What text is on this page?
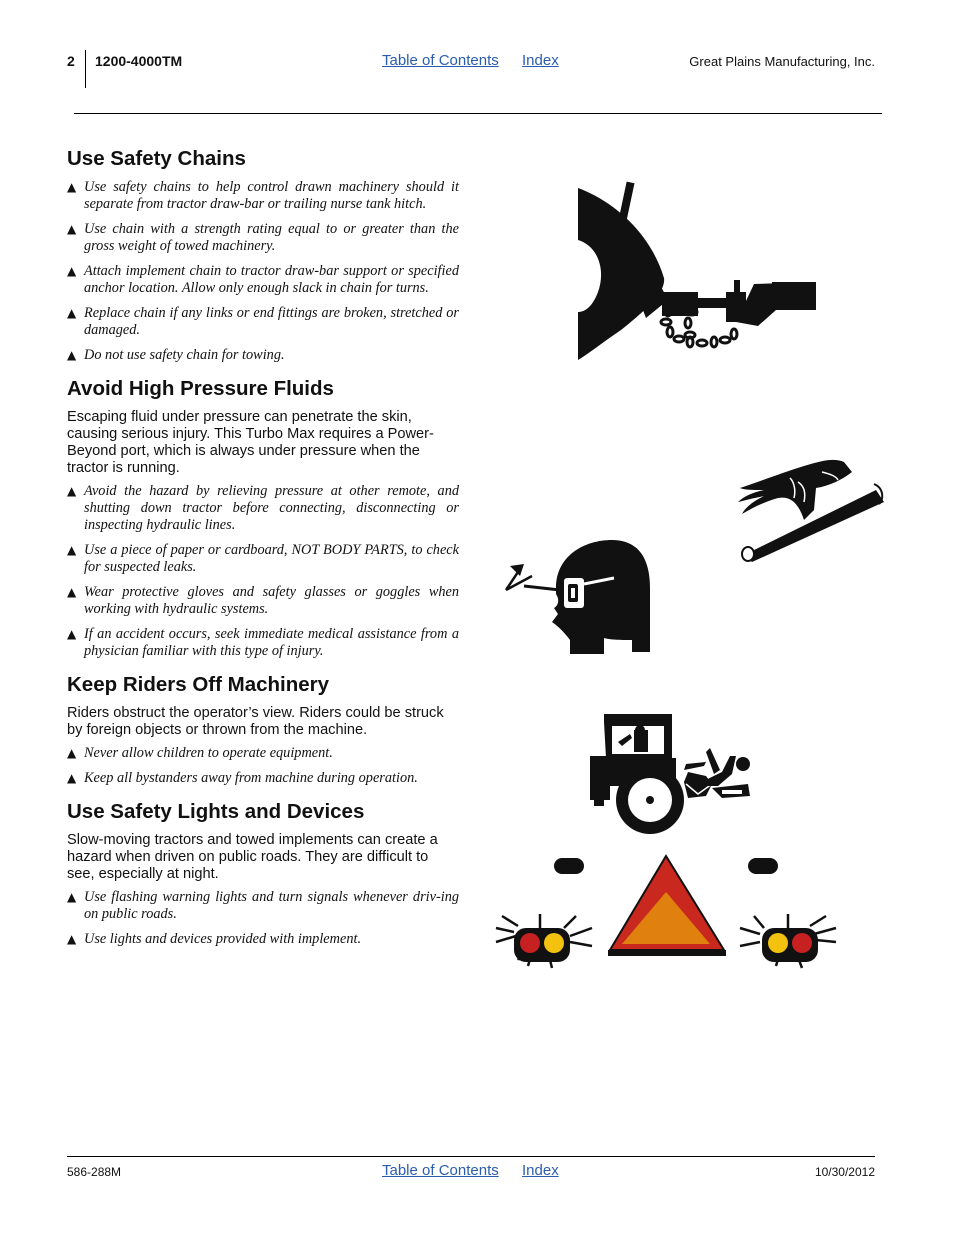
2 1200-4000TM	Table of Contents Index	Great Plains Manufacturing, Inc.
Use Safety Chains
▲ Use safety chains to help control drawn machinery should it separate from tractor draw-bar or trailing nurse tank hitch.
▲ Use chain with a strength rating equal to or greater than the gross weight of towed machinery.
▲ Attach implement chain to tractor draw-bar support or specified anchor location. Allow only enough slack in chain for turns.
▲ Replace chain if any links or end fittings are broken, stretched or damaged.
▲ Do not use safety chain for towing.
Avoid High Pressure Fluids

Escaping fluid under pressure can penetrate the skin, causing serious injury. This Turbo Max requires a Power-Beyond port, which is always under pressure when the tractor is running.

▲ Avoid the hazard by relieving pressure at other remote, and shutting down tractor before connecting, disconnecting or inspecting hydraulic lines.
▲ Use a piece of paper or cardboard, NOT BODY PARTS, to check for suspected leaks.
▲ Wear protective gloves and safety glasses or goggles when working with hydraulic systems.
▲ If an accident occurs, seek immediate medical assistance from a physician familiar with this type of injury.
Keep Riders Off Machinery

Riders obstruct the operator’s view. Riders could be struck by foreign objects or thrown from the machine.

▲ Never allow children to operate equipment.
▲ Keep all bystanders away from machine during operation.
Use Safety Lights and Devices

Slow-moving tractors and towed implements can create a hazard when driven on public roads. They are difficult to see, especially at night.

▲ Use flashing warning lights and turn signals whenever driv-ing on public roads.
▲ Use lights and devices provided with implement.
586-288M	Table of Contents Index	10/30/2012
